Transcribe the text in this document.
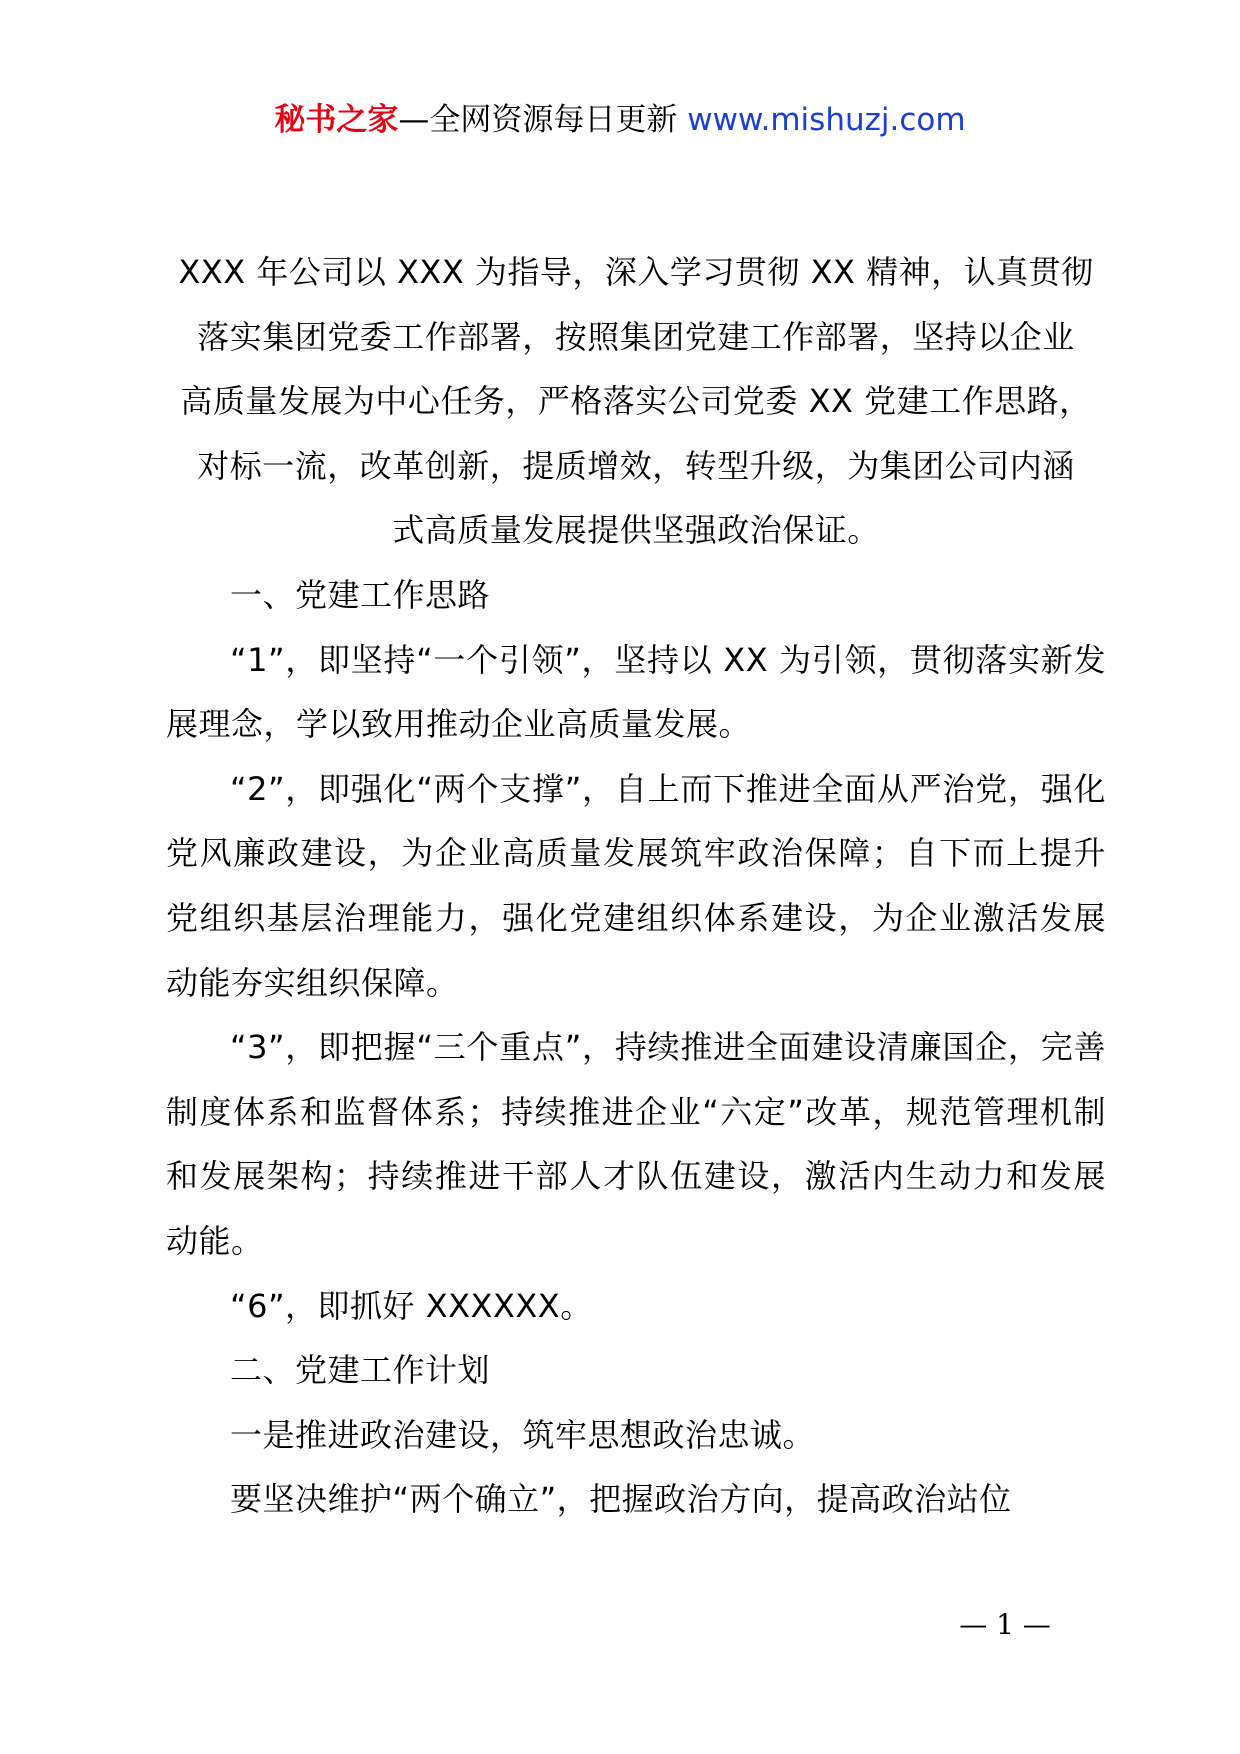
秘书之家—全网资源每日更新 www.mishuzj.com
XXX 年公司以 XXX 为指导，深入学习贯彻 XX 精神，认真贯彻
落实集团党委工作部署，按照集团党建工作部署，坚持以企业
高质量发展为中心任务，严格落实公司党委 XX 党建工作思路，
对标一流，改革创新，提质增效，转型升级，为集团公司内涵
式高质量发展提供坚强政治保证。

一、党建工作思路

“1”，即坚持“一个引领”，坚持以 XX 为引领，贯彻落实新发展理念，学以致用推动企业高质量发展。

“2”，即强化“两个支撑”，自上而下推进全面从严治党，强化党风廉政建设，为企业高质量发展筑牢政治保障；自下而上提升党组织基层治理能力，强化党建组织体系建设，为企业激活发展动能夯实组织保障。

“3”，即把握“三个重点”，持续推进全面建设清廉国企，完善制度体系和监督体系；持续推进企业“六定”改革，规范管理机制和发展架构；持续推进干部人才队伍建设，激活内生动力和发展动能。

“6”，即抓好 XXXXXX。

二、党建工作计划

一是推进政治建设，筑牢思想政治忠诚。

要坚决维护“两个确立”，把握政治方向，提高政治站位

— 1 —
